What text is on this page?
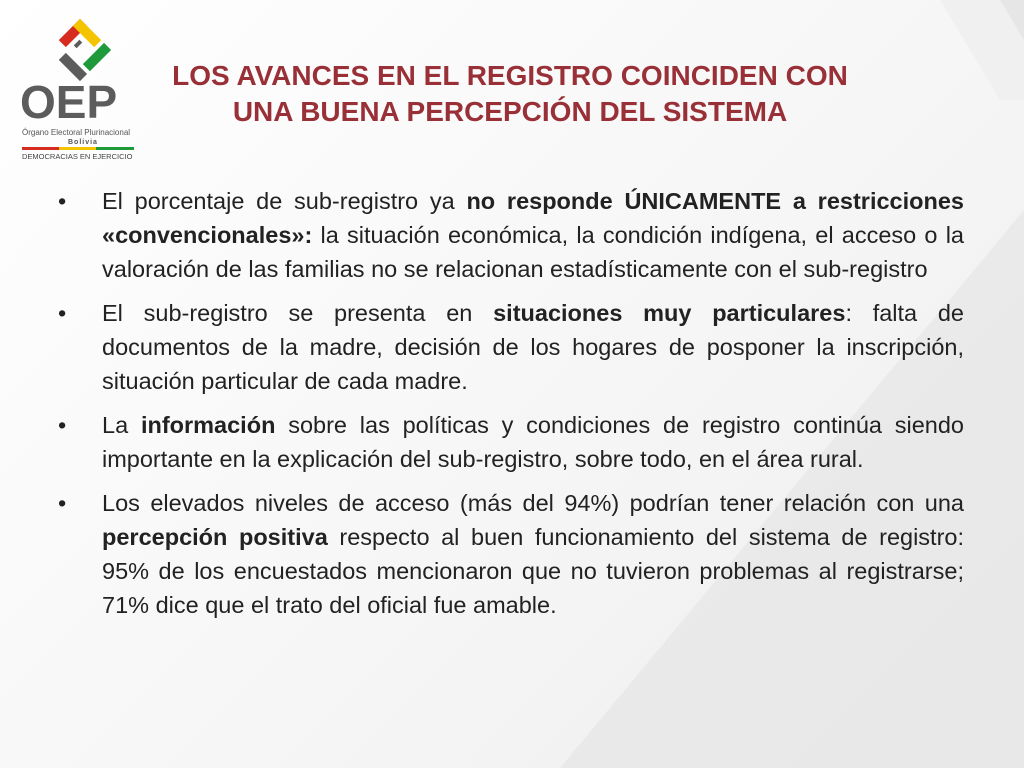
OEP
Órgano Electoral Plurinacional
Bolivia
DEMOCRACIAS EN EJERCICIO
LOS AVANCES EN EL REGISTRO COINCIDEN CON
UNA BUENA PERCEPCIÓN DEL SISTEMA
•	El porcentaje de sub-registro ya no responde ÚNICAMENTE a restricciones «convencionales»: la situación económica, la condición indígena, el acceso o la valoración de las familias no se relacionan estadísticamente con el sub-registro
•	El sub-registro se presenta en situaciones muy particulares: falta de documentos de la madre, decisión de los hogares de posponer la inscripción, situación particular de cada madre.
•	La información sobre las políticas y condiciones de registro continúa siendo importante en la explicación del sub-registro, sobre todo, en el área rural.
•	Los elevados niveles de acceso (más del 94%) podrían tener relación con una percepción positiva respecto al buen funcionamiento del sistema de registro: 95% de los encuestados mencionaron que no tuvieron problemas al registrarse; 71% dice que el trato del oficial fue amable.
